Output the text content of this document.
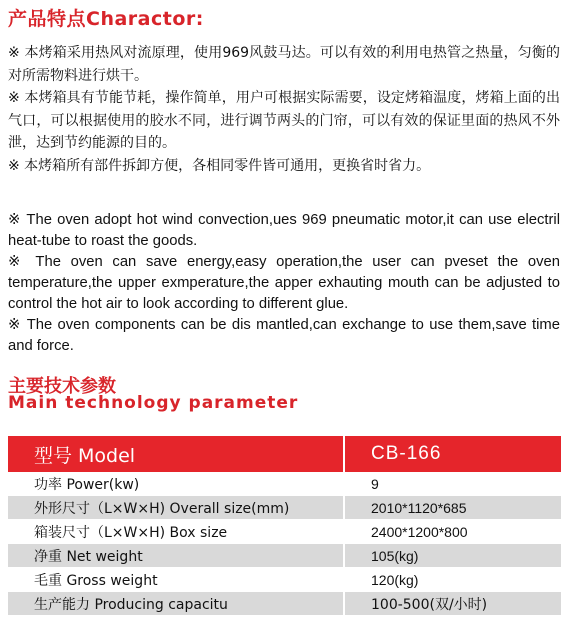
产品特点Charactor:

※ 本烤箱采用热风对流原理，使用969风鼓马达。可以有效的利用电热管之热量，匀衡的对所需物料进行烘干。

※ 本烤箱具有节能节耗，操作简单，用户可根据实际需要，设定烤箱温度，烤箱上面的出气口，可以根据使用的胶水不同，进行调节两头的门帘，可以有效的保证里面的热风不外泄，达到节约能源的目的。

※ 本烤箱所有部件拆卸方便，各相同零件皆可通用，更换省时省力。

※ The oven adopt hot wind convection,ues 969 pneumatic motor,it can use electril heat-tube to roast the goods.

※ The oven can save energy,easy operation,the user can pveset the oven temperature,the upper exmperature,the apper exhauting mouth can be adjusted to control the hot air to look according to different glue.

※ The oven components can be dis mantled,can exchange to use them,save time and force.

主要技术参数
Main technology parameter
型号 Model	CB-166
功率 Power(kw)	9
外形尺寸（L×W×H) Overall size(mm)	2010*1120*685
箱装尺寸（L×W×H) Box size	2400*1200*800
净重 Net weight	105(kg)
毛重 Gross weight	120(kg)
生产能力 Producing capacitu	100-500(双/小时)
